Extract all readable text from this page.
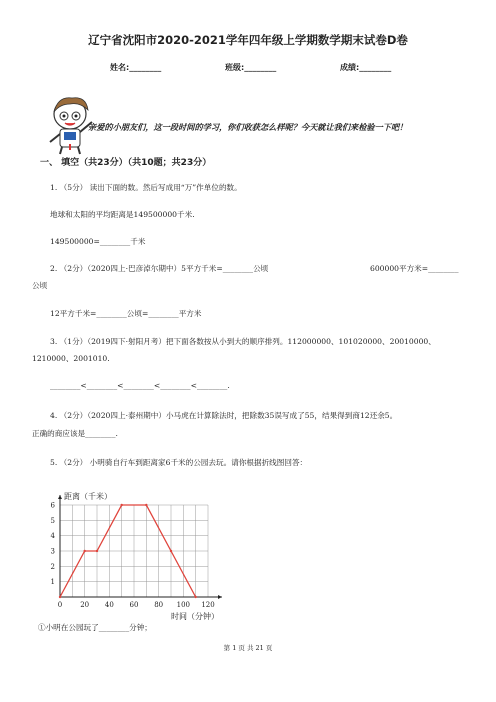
辽宁省沈阳市2020-2021学年四年级上学期数学期末试卷D卷
姓名:________	班级:________	成绩:________
亲爱的小朋友们，这一段时间的学习，你们收获怎么样呢？今天就让我们来检验一下吧！
一、 填空（共23分）（共10题；共23分）
1. （5分） 读出下面的数。然后写成用“万”作单位的数。
地球和太阳的平均距离是149500000千米.
149500000=________千米
2. （2分）（2020四上·巴彦淖尔期中）5平方千米=________公顷	600000平方米=________
公顷
12平方千米=________公顷=________平方米
3. （1分）（2019四下·射阳月考）把下面各数按从小到大的顺序排列。112000000、101020000、20010000、
1210000、2001010.
________<________<________<________<________.
4. （2分）（2020四上·泰州期中）小马虎在计算除法时，把除数35误写成了55，结果得到商12还余5。
正确的商应该是________.
5. （2分） 小明骑自行车到距离家6千米的公园去玩。请你根据折线图回答：
0	20 40 60 80 100 120
1
2
3
4
5
6
距离（千米）
时间（分钟）
①小明在公园玩了________分钟；
第 1 页 共 21 页
